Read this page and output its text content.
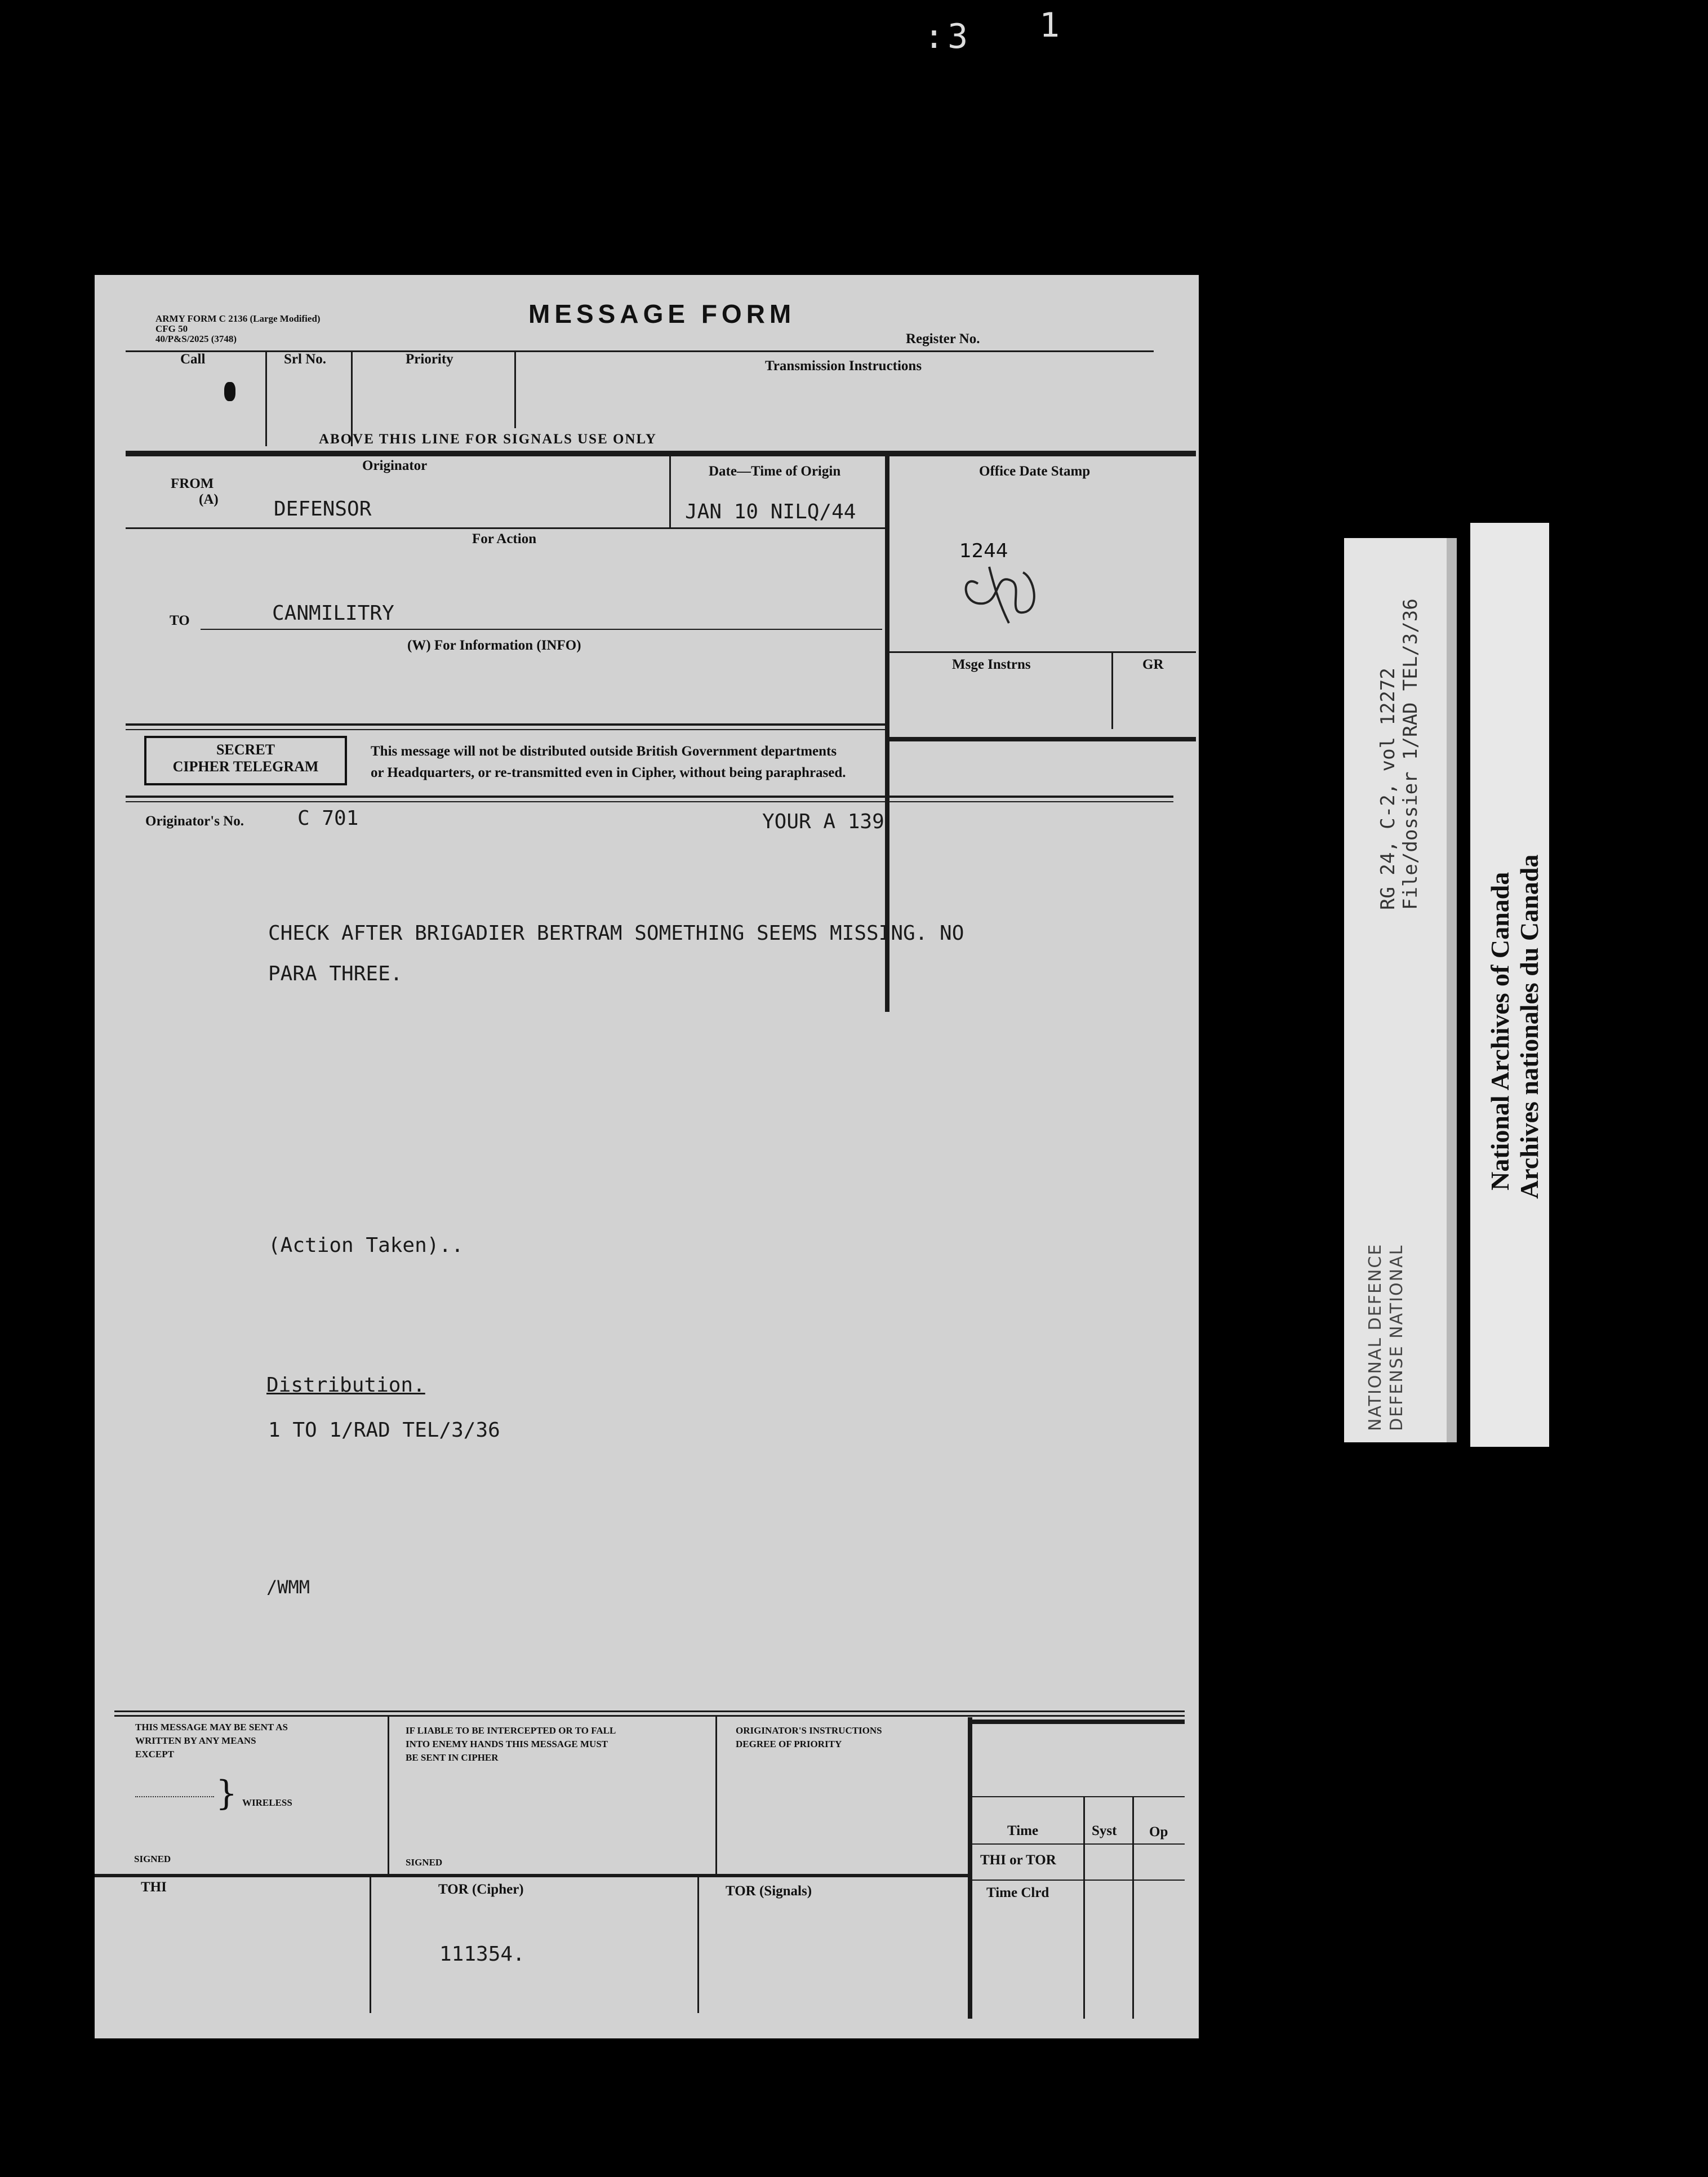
:3 1
ARMY FORM C 2136 (Large Modified)
CFG 50
40/P&S/2025 (3748)
MESSAGE FORM
Register No.
Call	Srl No.	Priority	Transmission Instructions
ABOVE THIS LINE FOR SIGNALS USE ONLY
Originator
FROM
(A)	DEFENSOR
Date—Time of Origin
JAN 10 NILQ/44
Office Date Stamp
1244
For Action
TO	CANMILITRY
(W) For Information (INFO)
Msge Instrns	GR
SECRET
CIPHER TELEGRAM
This message will not be distributed outside British Government departments
or Headquarters, or re-transmitted even in Cipher, without being paraphrased.
Originator's No.	C 701	YOUR A 139
CHECK AFTER BRIGADIER BERTRAM SOMETHING SEEMS MISSING. NO
PARA THREE.
(Action Taken)..
Distribution.
1 TO 1/RAD TEL/3/36
/WMM
THIS MESSAGE MAY BE SENT AS
WRITTEN BY ANY MEANS
EXCEPT
} WIRELESS
SIGNED
IF LIABLE TO BE INTERCEPTED OR TO FALL
INTO ENEMY HANDS THIS MESSAGE MUST
BE SENT IN CIPHER
SIGNED
ORIGINATOR'S INSTRUCTIONS
DEGREE OF PRIORITY
Time	Syst Op
THI or TOR
Time Clrd
THI	TOR (Cipher)
111354.
TOR (Signals)
RG 24, C-2, vol 12272 File/dossier 1/RAD TEL/3/36
NATIONAL DEFENCE DEFENSE NATIONAL
National Archives of Canada Archives nationales du Canada
